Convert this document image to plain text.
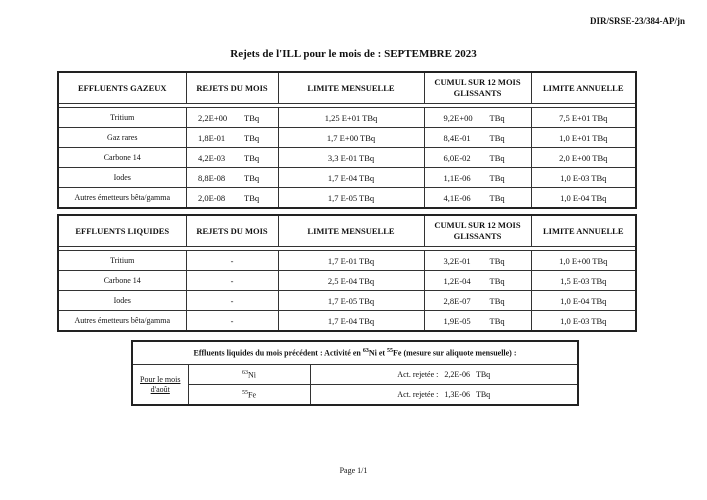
DIR/SRSE-23/384-AP/jn
Rejets de l'ILL pour le mois de : SEPTEMBRE 2023
EFFLUENTS GAZEUX	REJETS DU MOIS	LIMITE MENSUELLE	CUMUL SUR 12 MOIS GLISSANTS	LIMITE ANNUELLE

Tritium	2,2E+00 TBq	1,25 E+01 TBq	9,2E+00 TBq	7,5 E+01 TBq
Gaz rares	1,8E-01 TBq	1,7 E+00 TBq	8,4E-01 TBq	1,0 E+01 TBq
Carbone 14	4,2E-03 TBq	3,3 E-01 TBq	6,0E-02 TBq	2,0 E+00 TBq
Iodes	8,8E-08 TBq	1,7 E-04 TBq	1,1E-06 TBq	1,0 E-03 TBq
Autres émetteurs bêta/gamma	2,0E-08 TBq	1,7 E-05 TBq	4,1E-06 TBq	1,0 E-04 TBq
EFFLUENTS LIQUIDES	REJETS DU MOIS	LIMITE MENSUELLE	CUMUL SUR 12 MOIS GLISSANTS	LIMITE ANNUELLE

Tritium	-	1,7 E-01 TBq	3,2E-01 TBq	1,0 E+00 TBq
Carbone 14	-	2,5 E-04 TBq	1,2E-04 TBq	1,5 E-03 TBq
Iodes	-	1,7 E-05 TBq	2,8E-07 TBq	1,0 E-04 TBq
Autres émetteurs bêta/gamma	-	1,7 E-04 TBq	1,9E-05 TBq	1,0 E-03 TBq
Effluents liquides du mois précédent : Activité en $^{63}$Ni et $^{55}$Fe (mesure sur aliquote mensuelle) :		
Pour le mois d'août	$^{63}$Ni	Act. rejetée : 2,2E-06 TBq
	$^{55}$Fe	Act. rejetée : 1,3E-06 TBq
Page 1/1
